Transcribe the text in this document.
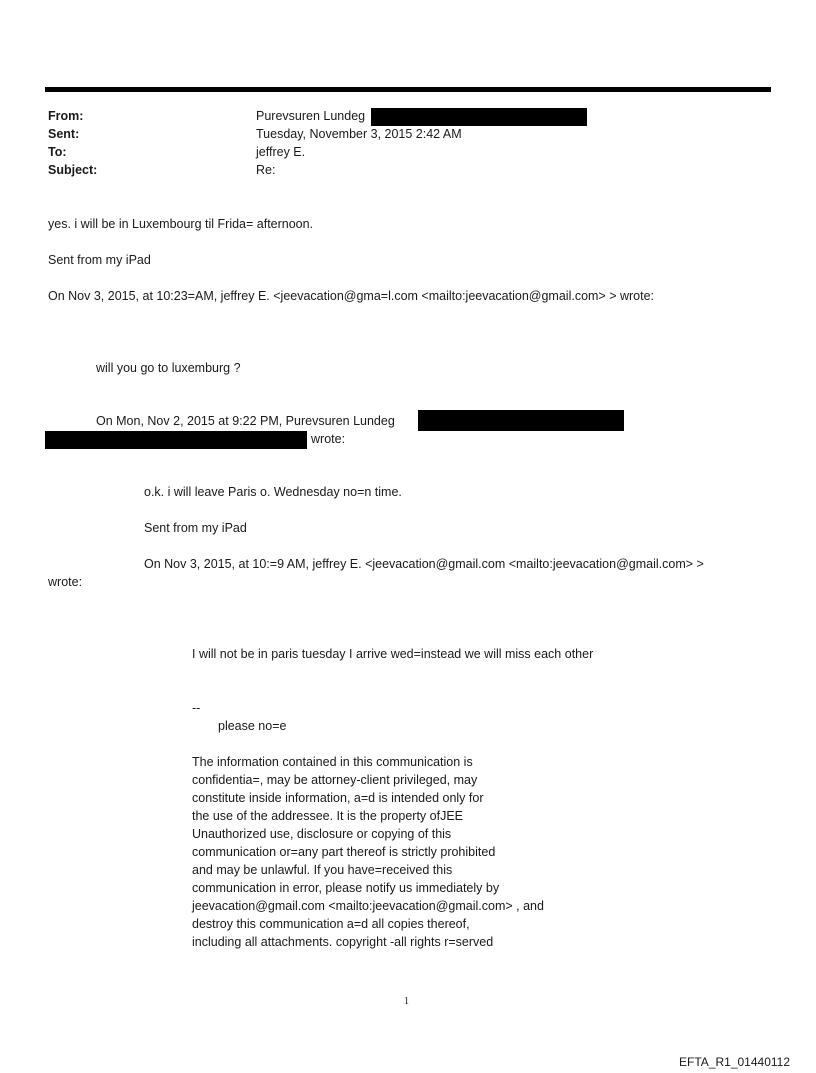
From:	Purevsuren Lundeg
Sent:	Tuesday, November 3, 2015 2:42 AM
To:	jeffrey E.
Subject:	Re:
yes. i will be in Luxembourg til Frida= afternoon.
Sent from my iPad
On Nov 3, 2015, at 10:23=AM, jeffrey E. <jeevacation@gma=l.com <mailto:jeevacation@gmail.com> > wrote:
will you go to luxemburg ?
On Mon, Nov 2, 2015 at 9:22 PM, Purevsuren Lundeg
wrote:
o.k. i will leave Paris o. Wednesday no=n time.
Sent from my iPad
On Nov 3, 2015, at 10:=9 AM, jeffrey E. <jeevacation@gmail.com <mailto:jeevacation@gmail.com> >
wrote:
I will not be in paris tuesday I arrive wed=instead we will miss each other
--
please no=e
The information contained in this communication is
confidentia=, may be attorney-client privileged, may
constitute inside information, a=d is intended only for
the use of the addressee. It is the property ofJEE
Unauthorized use, disclosure or copying of this
communication or=any part thereof is strictly prohibited
and may be unlawful. If you have=received this
communication in error, please notify us immediately by
jeevacation@gmail.com <mailto:jeevacation@gmail.com> , and
destroy this communication a=d all copies thereof,
including all attachments. copyright -all rights r=served
1
EFTA_R1_01440112
